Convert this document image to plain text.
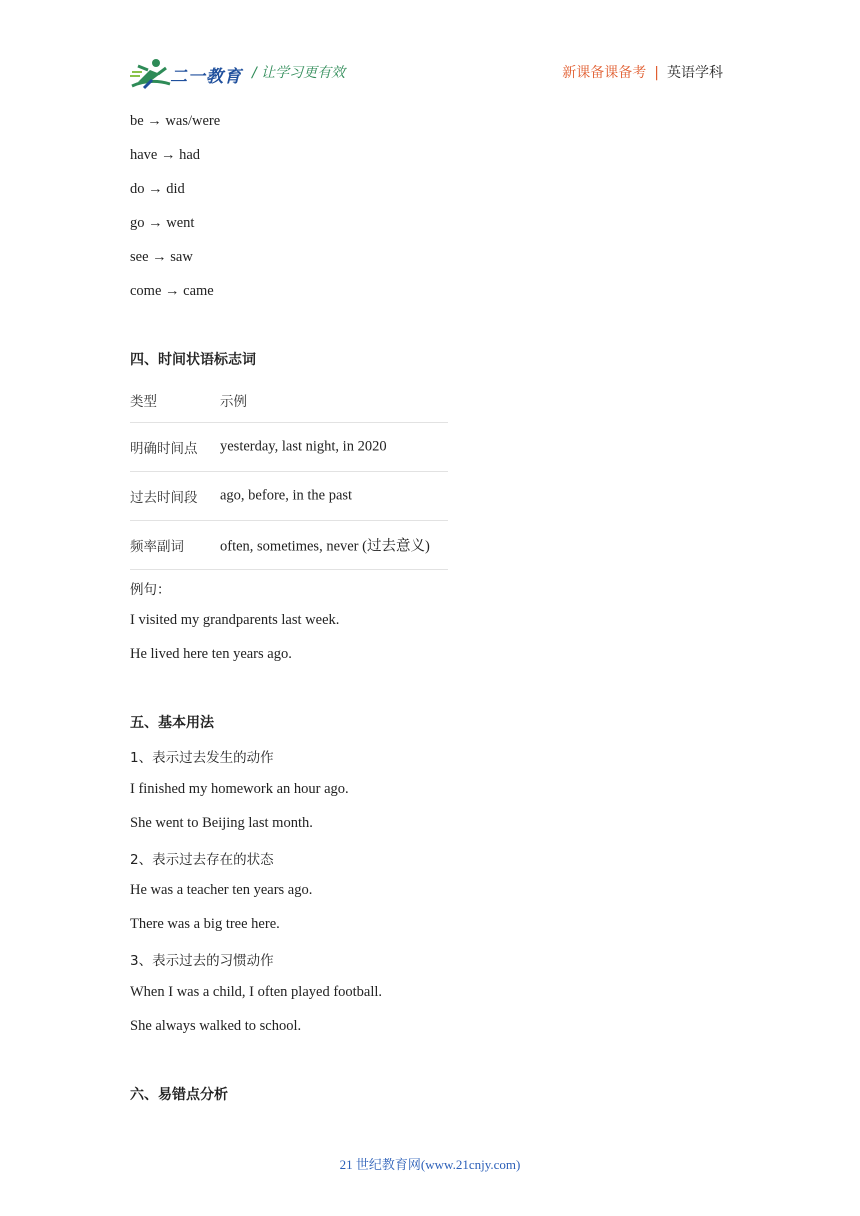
二一教育 / 让学习更有效	新课备课备考 | 英语学科
be → was/were
have → had
do → did
go → went
see → saw
come → came
四、时间状语标志词
类型	示例
明确时间点 yesterday, last night, in 2020
过去时间段 ago, before, in the past
频率副词 often, sometimes, never (过去意义)
例句：
I visited my grandparents last week.
He lived here ten years ago.
五、基本用法
1、表示过去发生的动作
I finished my homework an hour ago.
She went to Beijing last month.
2、表示过去存在的状态
He was a teacher ten years ago.
There was a big tree here.
3、表示过去的习惯动作
When I was a child, I often played football.
She always walked to school.
六、易错点分析
21 世纪教育网(www.21cnjy.com)
